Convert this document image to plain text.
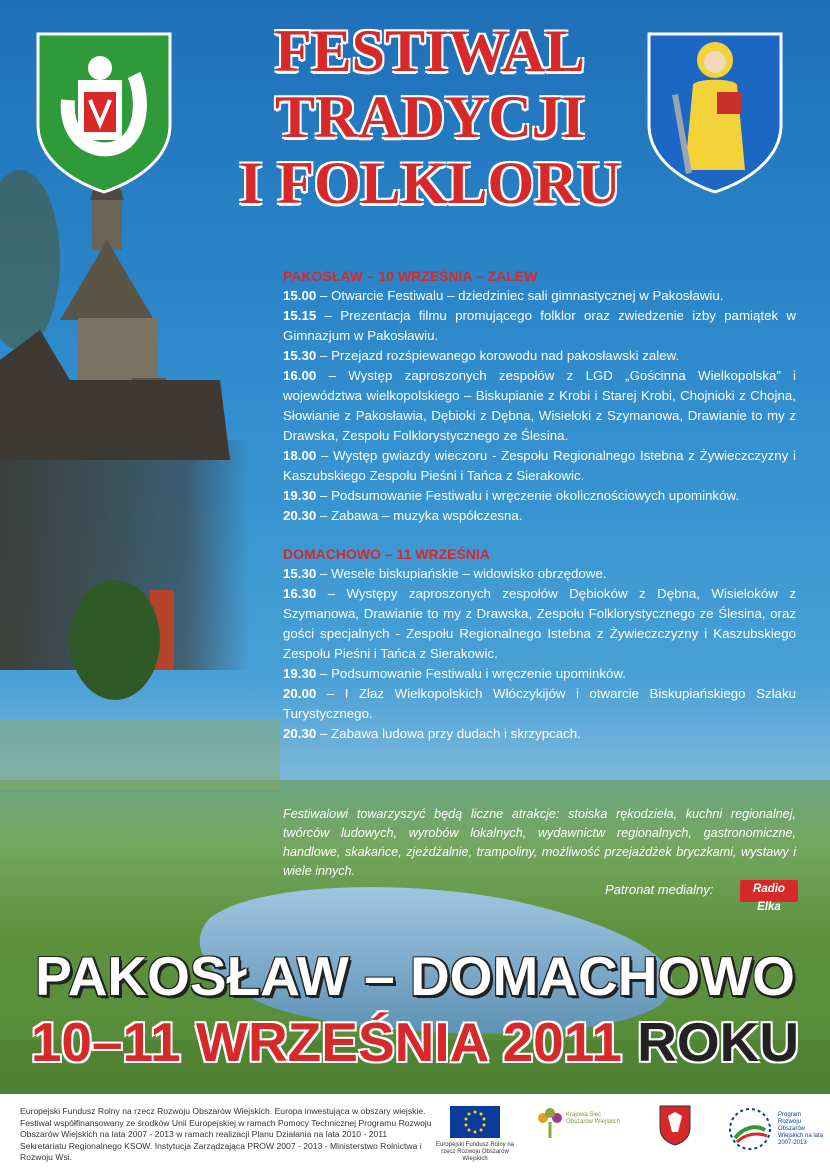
FESTIWAL
TRADYCJI
I FOLKLORU
PAKOSŁAW – 10 WRZEŚNIA – ZALEW
15.00 – Otwarcie Festiwalu – dziedziniec sali gimnastycznej w Pakosławiu.
15.15 – Prezentacja filmu promującego folklor oraz zwiedzenie izby pamiątek w Gimnazjum w Pakosławiu.
15.30 – Przejazd rozśpiewanego korowodu nad pakosławski zalew.
16.00 – Występ zaproszonych zespołów z LGD „Gościnna Wielkopolska” i województwa wielkopolskiego – Biskupianie z Krobi i Starej Krobi, Chojnioki z Chojna, Słowianie z Pakosławia, Dębioki z Dębna, Wisieloki z Szymanowa, Drawianie to my z Drawska, Zespołu Folklorystycznego ze Ślesina.
18.00 – Występ gwiazdy wieczoru - Zespołu Regionalnego Istebna z Żywieczczyzny i Kaszubskiego Zespołu Pieśni i Tańca z Sierakowic.
19.30 – Podsumowanie Festiwalu i wręczenie okolicznościowych upominków.
20.30 – Zabawa – muzyka współczesna.
DOMACHOWO – 11 WRZEŚNIA
15.30 – Wesele biskupiańskie – widowisko obrzędowe.
16.30 – Występy zaproszonych zespołów Dębioków z Dębna, Wisieloków z Szymanowa, Drawianie to my z Drawska, Zespołu Folklorystycznego ze Ślesina, oraz gości specjalnych - Zespołu Regionalnego Istebna z Żywieczczyzny i Kaszubskiego Zespołu Pieśni i Tańca z Sierakowic.
19.30 – Podsumowanie Festiwalu i wręczenie upominków.
20.00 – I Złaz Wielkopolskich Włóczykijów i otwarcie Biskupiańskiego Szlaku Turystycznego.
20.30 – Zabawa ludowa przy dudach i skrzypcach.
Festiwalowi towarzyszyć będą liczne atrakcje: stoiska rękodzieła, kuchni regionalnej, twórców ludowych, wyrobów lokalnych, wydawnictw regionalnych, gastronomiczne, handlowe, skakańce, zjeżdżalnie, trampoliny, możliwość przejażdżek bryczkami, wystawy i wiele innych.
Patronat medialny:	Radio Elka
PAKOSŁAW – DOMACHOWO
10–11 WRZEŚNIA 2011 ROKU
Europejski Fundusz Rolny na rzecz Rozwoju Obszarów Wiejskich. Europa inwestująca w obszary wiejskie. Festiwal współfinansowany ze środków Unii Europejskiej w ramach Pomocy Technicznej Programu Rozwoju Obszarów Wiejskich na lata 2007 - 2013 w ramach realizacji Planu Działania na lata 2010 - 2011 Sekretariatu Regionalnego KSOW. Instytucja Zarządzająca PROW 2007 - 2013 - Ministerstwo Rolnictwa i Rozwoju Wsi.
Europejski Fundusz Rolny na rzecz Rozwoju Obszarów Wiejskich
Krajowa Sieć Obszarów Wiejskich
Program Rozwoju Obszarów Wiejskich na lata 2007-2013
